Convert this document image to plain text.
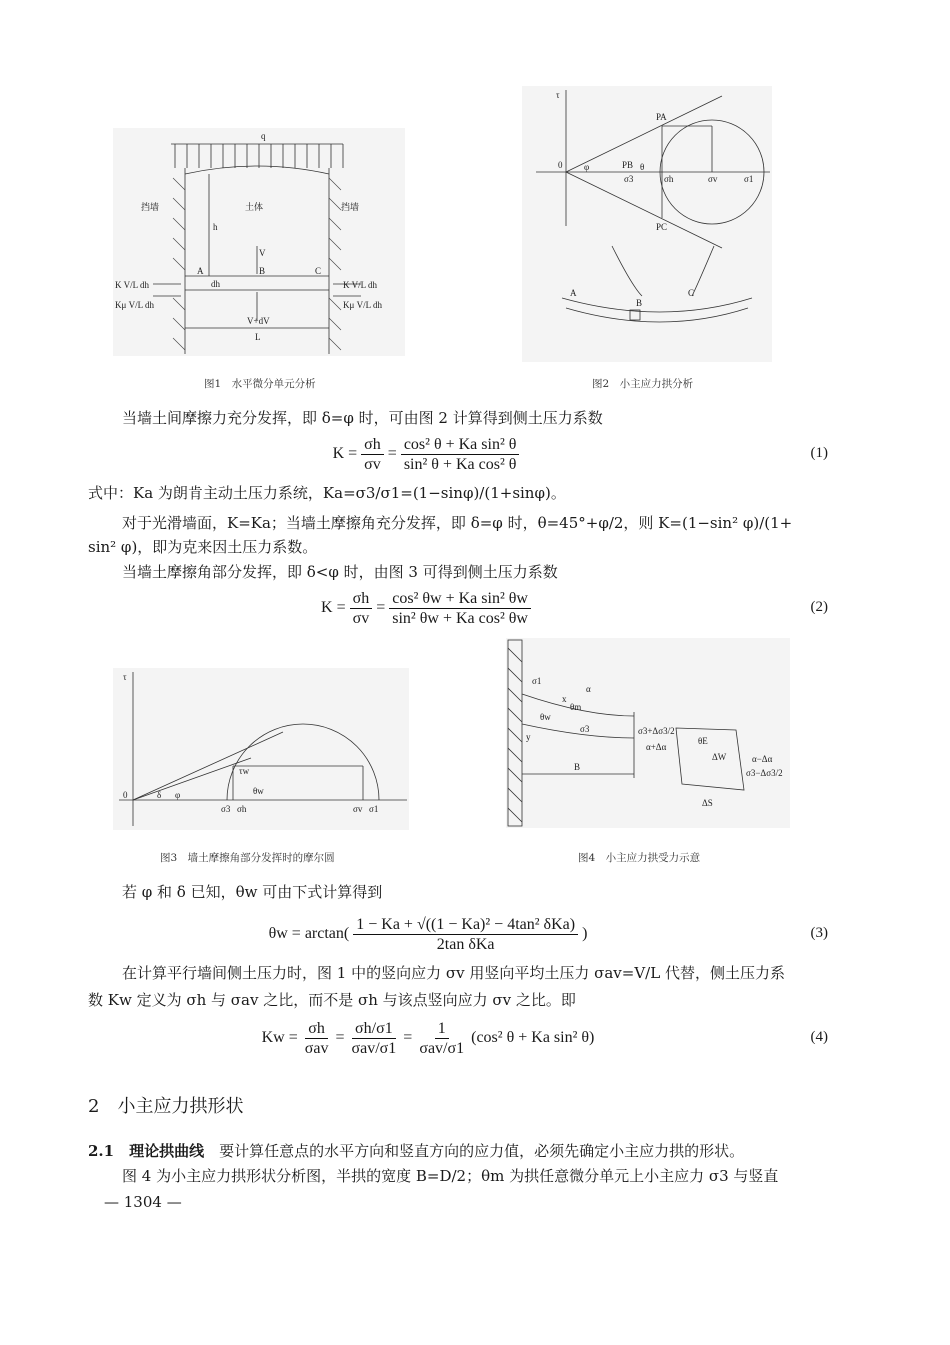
q
挡墙	土体	挡墙
h
V
B
A	C
dh
K V/L dh
Kμ V/L dh
K V/L dh
Kμ V/L dh
V+dV
L
图1　水平微分单元分析
τ
0 φ
PA
PB θ
σ3	σh	σv	σ1
PC
A
B
C
图2　小主应力拱分析
当墙土间摩擦力充分发挥，即 δ=φ 时，可由图 2 计算得到侧土压力系数
$K = \frac{\sigma h}{\sigma v} = \frac{\text{cos² θ + Ka sin² θ}}{\text{sin² θ + Ka cos² θ}}$	(1)
式中：Ka 为朗肯主动土压力系统，Ka=σ3/σ1=(1−sinφ)/(1+sinφ)。
对于光滑墙面，K=Ka；当墙土摩擦角充分发挥，即 δ=φ 时，θ=45°+φ/2，则 K=(1−sin² φ)/(1+
sin² φ)，即为克来因土压力系数。
当墙土摩擦角部分发挥，即 δ<φ 时，由图 3 可得到侧土压力系数
$K = \frac{\sigma h}{\sigma v} = \frac{\text{cos² θw + Ka sin² θw}}{\text{sin² θw + Ka cos² θw}}$	(2)
τ
0	δ φ
τw
θw
σ3 σh	σv σ1
图3　墙土摩擦角部分发挥时的摩尔圆
σ1
x
α
θm
θw
σ3
y
B
σ3+Δσ3/2
α+Δα
θE
ΔW	α−Δα
σ3−Δσ3/2
ΔS
图4　小主应力拱受力示意
若 φ 和 δ 已知，θw 可由下式计算得到
$\theta w = \arctan( \frac{\text{1 − Ka + √((1 − Ka)² − 4tan² δKa)}}{\text{2tan δKa}}$ )	(3)
在计算平行墙间侧土压力时，图 1 中的竖向应力 σv 用竖向平均土压力 σav=V/L 代替，侧土压力系
数 Kw 定义为 σh 与 σav 之比，而不是 σh 与该点竖向应力 σv 之比。即
$Kw = \frac{\sigma h}{\text{σav}} = \frac{\sigma h/\sigma 1}{\text{σav/σ1}} = \frac{1}{\text{σav/σ1}} (\cos^2$ θ + Ka sin² θ)	(4)
2　小主应力拱形状
2.1　理论拱曲线　要计算任意点的水平方向和竖直方向的应力值，必须先确定小主应力拱的形状。
图 4 为小主应力拱形状分析图，半拱的宽度 B=D/2；θm 为拱任意微分单元上小主应力 σ3 与竖直
— 1304 —
